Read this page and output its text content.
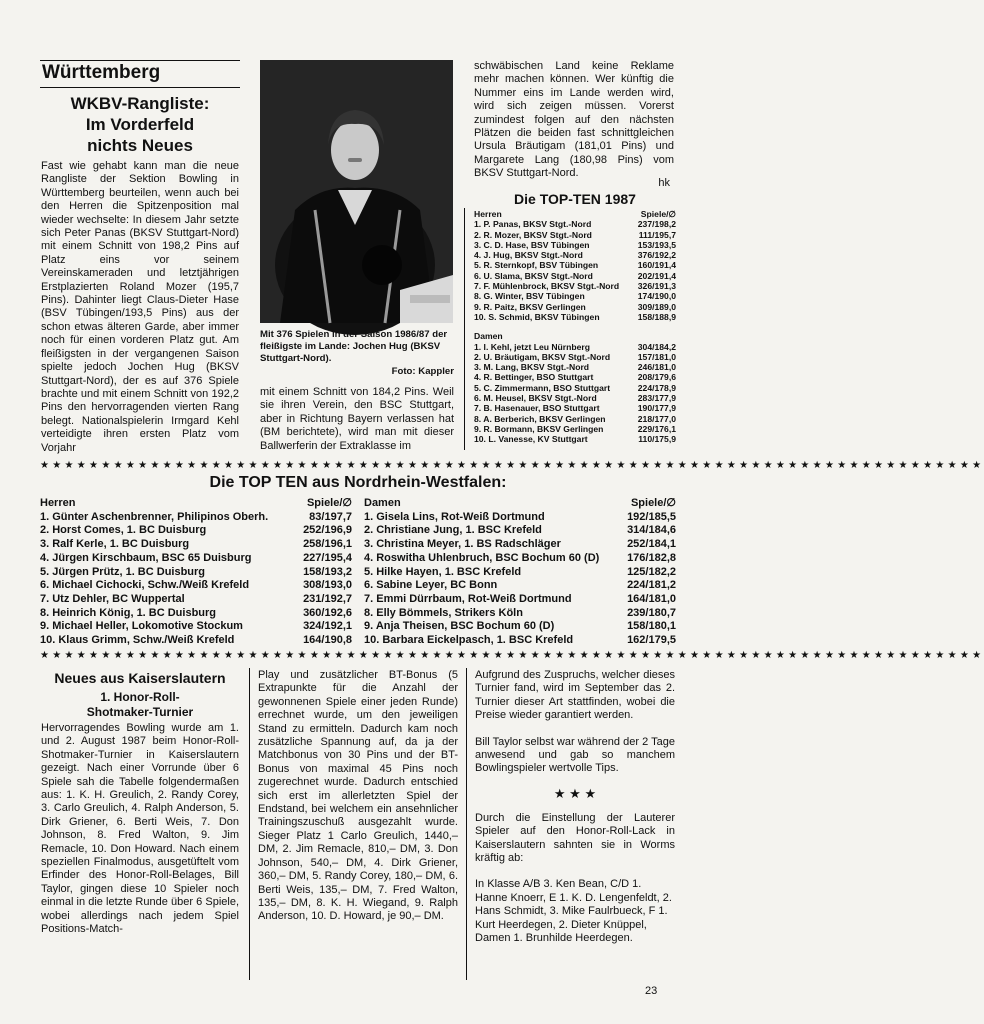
Württemberg
WKBV-Rangliste:
Im Vorderfeld
nichts Neues

Fast wie gehabt kann man die neue Rangliste der Sektion Bowling in Württemberg beurteilen, wenn auch bei den Herren die Spitzenposition mal wieder wechselte: In diesem Jahr setzte sich Peter Panas (BKSV Stuttgart-Nord) mit einem Schnitt von 198,2 Pins auf Platz eins vor seinem Vereinskameraden und letztjährigen Erstplazierten Roland Mozer (195,7 Pins). Dahinter liegt Claus-Dieter Hase (BSV Tübingen/193,5 Pins) aus der schon etwas älteren Garde, aber immer noch für einen vorderen Platz gut. Am fleißigsten in der vergangenen Saison spielte jedoch Jochen Hug (BKSV Stuttgart-Nord), der es auf 376 Spiele brachte und mit einem Schnitt von 192,2 Pins den hervorragenden vierten Rang belegt. Nationalspielerin Irmgard Kehl verteidigte ihren ersten Platz vom Vorjahr

Mit 376 Spielen in der Saison 1986/87 der fleißigste im Lande: Jochen Hug (BKSV Stuttgart-Nord).

Foto: Kappler

mit einem Schnitt von 184,2 Pins. Weil sie ihren Verein, den BSC Stuttgart, aber in Richtung Bayern verlassen hat (BM berichtete), wird man mit dieser Ballwerferin der Extraklasse im

schwäbischen Land keine Reklame mehr machen können. Wer künftig die Nummer eins im Lande werden wird, wird sich zeigen müssen. Vorerst zumindest folgen auf den nächsten Plätzen die beiden fast schnittgleichen Ursula Bräutigam (181,01 Pins) und Margarete Lang (180,98 Pins) vom BKSV Stuttgart-Nord.

hk
Die TOP-TEN 1987
Herren	Spiele/∅
1. P. Panas, BKSV Stgt.-Nord	237/198,2
2. R. Mozer, BKSV Stgt.-Nord	111/195,7
3. C. D. Hase, BSV Tübingen	153/193,5
4. J. Hug, BKSV Stgt.-Nord	376/192,2
5. R. Sternkopf, BSV Tübingen	160/191,4
6. U. Slama, BKSV Stgt.-Nord	202/191,4
7. F. Mühlenbrock, BKSV Stgt.-Nord	326/191,3
8. G. Winter, BSV Tübingen	174/190,0
9. R. Paitz, BKSV Gerlingen	309/189,0
10. S. Schmid, BKSV Tübingen	158/188,9
Damen	
1. I. Kehl, jetzt Leu Nürnberg	304/184,2
2. U. Bräutigam, BKSV Stgt.-Nord	157/181,0
3. M. Lang, BKSV Stgt.-Nord	246/181,0
4. R. Bettinger, BSO Stuttgart	208/179,6
5. C. Zimmermann, BSO Stuttgart	224/178,9
6. M. Heusel, BKSV Stgt.-Nord	283/177,9
7. B. Hasenauer, BSO Stuttgart	190/177,9
8. A. Berberich, BKSV Gerlingen	218/177,0
9. R. Bormann, BKSV Gerlingen	229/176,1
10. L. Vanesse, KV Stuttgart	110/175,9
★★★★★★★★★★★★★★★★★★★★★★★★★★★★★★★★★★★★★★★★★★★★★★★★★★★★★★★★★★★★★★★★★★★★★★★★★★★★★
Die TOP TEN aus Nordrhein-Westfalen:
Herren	Spiele/∅
1. Günter Aschenbrenner, Philipinos Oberh.	83/197,7
2. Horst Comes, 1. BC Duisburg	252/196,9
3. Ralf Kerle, 1. BC Duisburg	258/196,1
4. Jürgen Kirschbaum, BSC 65 Duisburg	227/195,4
5. Jürgen Prütz, 1. BC Duisburg	158/193,2
6. Michael Cichocki, Schw./Weiß Krefeld	308/193,0
7. Utz Dehler, BC Wuppertal	231/192,7
8. Heinrich König, 1. BC Duisburg	360/192,6
9. Michael Heller, Lokomotive Stockum	324/192,1
10. Klaus Grimm, Schw./Weiß Krefeld	164/190,8
Damen	Spiele/∅
1. Gisela Lins, Rot-Weiß Dortmund	192/185,5
2. Christiane Jung, 1. BSC Krefeld	314/184,6
3. Christina Meyer, 1. BS Radschläger	252/184,1
4. Roswitha Uhlenbruch, BSC Bochum 60 (D)	176/182,8
5. Hilke Hayen, 1. BSC Krefeld	125/182,2
6. Sabine Leyer, BC Bonn	224/181,2
7. Emmi Dürrbaum, Rot-Weiß Dortmund	164/181,0
8. Elly Bömmels, Strikers Köln	239/180,7
9. Anja Theisen, BSC Bochum 60 (D)	158/180,1
10. Barbara Eickelpasch, 1. BSC Krefeld	162/179,5
★★★★★★★★★★★★★★★★★★★★★★★★★★★★★★★★★★★★★★★★★★★★★★★★★★★★★★★★★★★★★★★★★★★★★★★★★★★★★
Neues aus Kaiserslautern
1. Honor-Roll-
Shotmaker-Turnier

Hervorragendes Bowling wurde am 1. und 2. August 1987 beim Honor-Roll-Shotmaker-Turnier in Kaiserslautern gezeigt. Nach einer Vorrunde über 6 Spiele sah die Tabelle folgendermaßen aus: 1. K. H. Greulich, 2. Randy Corey, 3. Carlo Greulich, 4. Ralph Anderson, 5. Dirk Griener, 6. Berti Weis, 7. Don Johnson, 8. Fred Walton, 9. Jim Remacle, 10. Don Howard. Nach einem speziellen Finalmodus, ausgetüftelt vom Erfinder des Honor-Roll-Belages, Bill Taylor, gingen diese 10 Spieler noch einmal in die letzte Runde über 6 Spiele, wobei allerdings nach jedem Spiel Positions-Match-

Play und zusätzlicher BT-Bonus (5 Extrapunkte für die Anzahl der gewonnenen Spiele einer jeden Runde) errechnet wurde, um den jeweiligen Stand zu ermitteln. Dadurch kam noch zusätzliche Spannung auf, da ja der Matchbonus von 30 Pins und der BT-Bonus von maximal 45 Pins noch zugerechnet wurde. Dadurch entschied sich erst im allerletzten Spiel der Endstand, bei welchem ein ansehnlicher Trainingszuschuß ausgezahlt wurde. Sieger Platz 1 Carlo Greulich, 1440,– DM, 2. Jim Remacle, 810,– DM, 3. Don Johnson, 540,– DM, 4. Dirk Griener, 360,– DM, 5. Randy Corey, 180,– DM, 6. Berti Weis, 135,– DM, 7. Fred Walton, 135,– DM, 8. K. H. Wiegand, 9. Ralph Anderson, 10. D. Howard, je 90,– DM.

Aufgrund des Zuspruchs, welcher dieses Turnier fand, wird im September das 2. Turnier dieser Art stattfinden, wobei die Preise wieder garantiert werden.

Bill Taylor selbst war während der 2 Tage anwesend und gab so manchem Bowlingspieler wertvolle Tips.

★ ★ ★

Durch die Einstellung der Lauterer Spieler auf den Honor-Roll-Lack in Kaiserslautern sahnten sie in Worms kräftig ab:

In Klasse A/B 3. Ken Bean, C/D 1. Hanne Knoerr, E 1. K. D. Lengenfeldt, 2. Hans Schmidt, 3. Mike Faulrbueck, F 1. Kurt Heerdegen, 2. Dieter Knüppel, Damen 1. Brunhilde Heerdegen.

23
